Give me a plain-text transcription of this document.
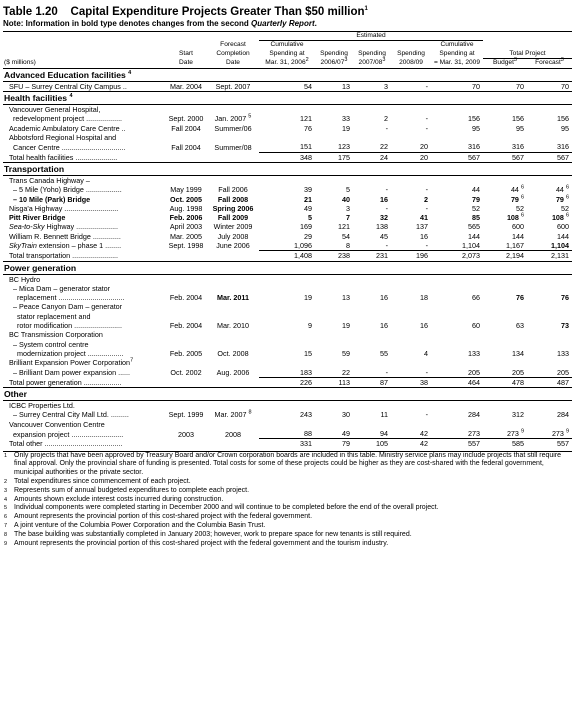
Table 1.20 Capital Expenditure Projects Greater Than $50 million$^1$
Note: Information in bold type denotes changes from the second Quarterly Report.
			Estimated						
		Forecast	Cumulative				Cumulative		
	Start	Completion	Spending at	Spending	Spending	Spending	Spending at	Total Project	
($ millions)	Date	Date	Mar. 31, 2006$^2$	$2006/07^3$	$2007/08^3$	2008/09	= Mar. 31, 2009	Budget$^3$	Forecast$^3$
Advanced Education facilities $^4$
SFU – Surrey Central City Campus ..	Mar. 2004	Sept. 2007	54	13	3	-	70	70	70
Health facilities $^4$
Vancouver General Hospital,									
redevelopment project ..................	Sept. 2000	Jan. 2007 $^5$	121	33	2	-	156	156	156
Academic Ambulatory Care Centre ..	Fall 2004	Summer/06	76	19	-	-	95	95	95
Abbotsford Regional Hospital and									
Cancer Centre ................................	Fall 2004	Summer/08	151	123	22	20	316	316	316
Total health facilities .....................			348	175	24	20	567	567	567
Transportation									
Trans Canada Highway –									
– 5 Mile (Yoho) Bridge ..................	May 1999	Fall 2006	39	5	-	-	44	44 $^6$	44 $^6$
– 10 Mile (Park) Bridge	Oct. 2005	Fall 2008	21	40	16	2	79	79 $^6$	79 $^6$
Nisga'a Highway ...........................	Aug. 1998	Spring 2006	49	3	-	-	52	52	52
Pitt River Bridge	Feb. 2006	Fall 2009	5	7	32	41	85	108 $^6$	108 $^6$
Sea-to-Sky Highway .....................	April 2003	Winter 2009	169	121	138	137	565	600	600
William R. Bennett Bridge ..............	Mar. 2005	July 2008	29	54	45	16	144	144	144
SkyTrain extension – phase 1 ........	Sept. 1998	June 2006	1,096	8	-	-	1,104	1,167	1,104
Total transportation .......................			1,408	238	231	196	2,073	2,194	2,131
Power generation									
BC Hydro									
– Mica Dam – generator stator									
replacement .................................	Feb. 2004	Mar. 2011	19	13	16	18	66	76	76
– Peace Canyon Dam – generator									
stator replacement and									
rotor modification ........................	Feb. 2004	Mar. 2010	9	19	16	16	60	63	73
BC Transmission Corporation									
– System control centre									
modernization project ..................	Feb. 2005	Oct. 2008	15	59	55	4	133	134	133
Brilliant Expansion Power Corporation$^7$
– Brilliant Dam power expansion ......	Oct. 2002	Aug. 2006	183	22	-	-	205	205	205
Total power generation ...................			226	113	87	38	464	478	487
Other									
ICBC Properties Ltd.									
– Surrey Central City Mall Ltd. .........	Sept. 1999	Mar. 2007 $^8$	243	30	11	-	284	312	284
Vancouver Convention Centre									
expansion project ..........................	2003	2008	88	49	94	42	273	273 $^9$	273 $^9$
Total other .......................................			331	79	105	42	557	585	557
1	Only projects that have been approved by Treasury Board and/or Crown corporation boards are included in this table. Ministry service plans may include projects that still require final approval. Only the provincial share of funding is presented. Total costs for some of these projects could be higher as they are cost-shared with the federal government, municipal authorities or the private sector.
2	Total expenditures since commencement of each project.
3	Represents sum of annual budgeted expenditures to complete each project.
4	Amounts shown exclude interest costs incurred during construction.
5	Individual components were completed starting in December 2000 and will continue to be completed before the end of the overall project.
6	Amount represents the provincial portion of this cost-shared project with the federal government.
7	A joint venture of the Columbia Power Corporation and the Columbia Basin Trust.
8	The base building was substantially completed in January 2003; however, work to prepare space for new tenants is still required.
9	Amount represents the provincial portion of this cost-shared project with the federal government and the tourism industry.
